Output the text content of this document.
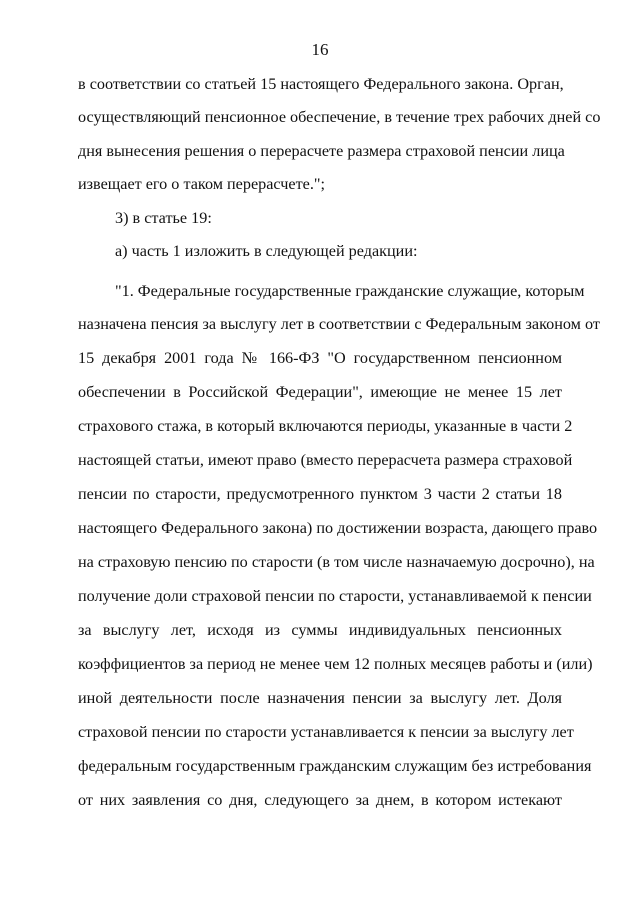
16
в соответствии со статьей 15 настоящего Федерального закона. Орган,
осуществляющий пенсионное обеспечение, в течение трех рабочих дней со
дня вынесения решения о перерасчете размера страховой пенсии лица
извещает его о таком перерасчете.";
3) в статье 19:
а) часть 1 изложить в следующей редакции:
"1. Федеральные государственные гражданские служащие, которым
назначена пенсия за выслугу лет в соответствии с Федеральным законом от
15 декабря 2001 года № 166-ФЗ "О государственном пенсионном
обеспечении в Российской Федерации", имеющие не менее 15 лет
страхового стажа, в который включаются периоды, указанные в части 2
настоящей статьи, имеют право (вместо перерасчета размера страховой
пенсии по старости, предусмотренного пунктом 3 части 2 статьи 18
настоящего Федерального закона) по достижении возраста, дающего право
на страховую пенсию по старости (в том числе назначаемую досрочно), на
получение доли страховой пенсии по старости, устанавливаемой к пенсии
за выслугу лет, исходя из суммы индивидуальных пенсионных
коэффициентов за период не менее чем 12 полных месяцев работы и (или)
иной деятельности после назначения пенсии за выслугу лет. Доля
страховой пенсии по старости устанавливается к пенсии за выслугу лет
федеральным государственным гражданским служащим без истребования
от них заявления со дня, следующего за днем, в котором истекают
